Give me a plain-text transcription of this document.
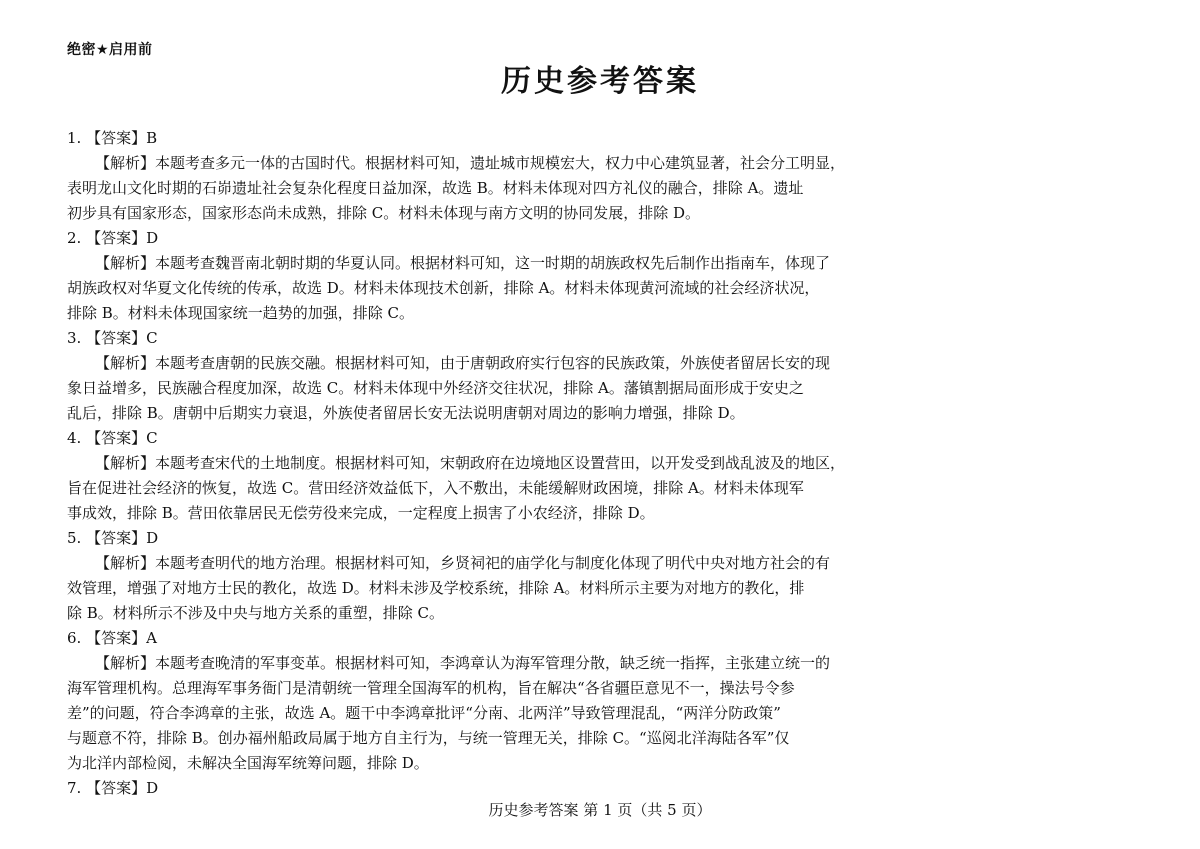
绝密★启用前
历史参考答案
1. 【答案】B
【解析】本题考查多元一体的古国时代。根据材料可知，遗址城市规模宏大，权力中心建筑显著，社会分工明显，
表明龙山文化时期的石峁遗址社会复杂化程度日益加深，故选 B。材料未体现对四方礼仪的融合，排除 A。遗址
初步具有国家形态，国家形态尚未成熟，排除 C。材料未体现与南方文明的协同发展，排除 D。
2. 【答案】D
【解析】本题考查魏晋南北朝时期的华夏认同。根据材料可知，这一时期的胡族政权先后制作出指南车，体现了
胡族政权对华夏文化传统的传承，故选 D。材料未体现技术创新，排除 A。材料未体现黄河流域的社会经济状况，
排除 B。材料未体现国家统一趋势的加强，排除 C。
3. 【答案】C
【解析】本题考查唐朝的民族交融。根据材料可知，由于唐朝政府实行包容的民族政策，外族使者留居长安的现
象日益增多，民族融合程度加深，故选 C。材料未体现中外经济交往状况，排除 A。藩镇割据局面形成于安史之
乱后，排除 B。唐朝中后期实力衰退，外族使者留居长安无法说明唐朝对周边的影响力增强，排除 D。
4. 【答案】C
【解析】本题考查宋代的土地制度。根据材料可知，宋朝政府在边境地区设置营田，以开发受到战乱波及的地区，
旨在促进社会经济的恢复，故选 C。营田经济效益低下，入不敷出，未能缓解财政困境，排除 A。材料未体现军
事成效，排除 B。营田依靠居民无偿劳役来完成，一定程度上损害了小农经济，排除 D。
5. 【答案】D
【解析】本题考查明代的地方治理。根据材料可知，乡贤祠祀的庙学化与制度化体现了明代中央对地方社会的有
效管理，增强了对地方士民的教化，故选 D。材料未涉及学校系统，排除 A。材料所示主要为对地方的教化，排
除 B。材料所示不涉及中央与地方关系的重塑，排除 C。
6. 【答案】A
【解析】本题考查晚清的军事变革。根据材料可知，李鸿章认为海军管理分散，缺乏统一指挥，主张建立统一的
海军管理机构。总理海军事务衙门是清朝统一管理全国海军的机构，旨在解决“各省疆臣意见不一，操法号令参
差”的问题，符合李鸿章的主张，故选 A。题干中李鸿章批评“分南、北两洋”导致管理混乱，“两洋分防政策”
与题意不符，排除 B。创办福州船政局属于地方自主行为，与统一管理无关，排除 C。“巡阅北洋海陆各军”仅
为北洋内部检阅，未解决全国海军统筹问题，排除 D。
7. 【答案】D
历史参考答案 第 1 页（共 5 页）
